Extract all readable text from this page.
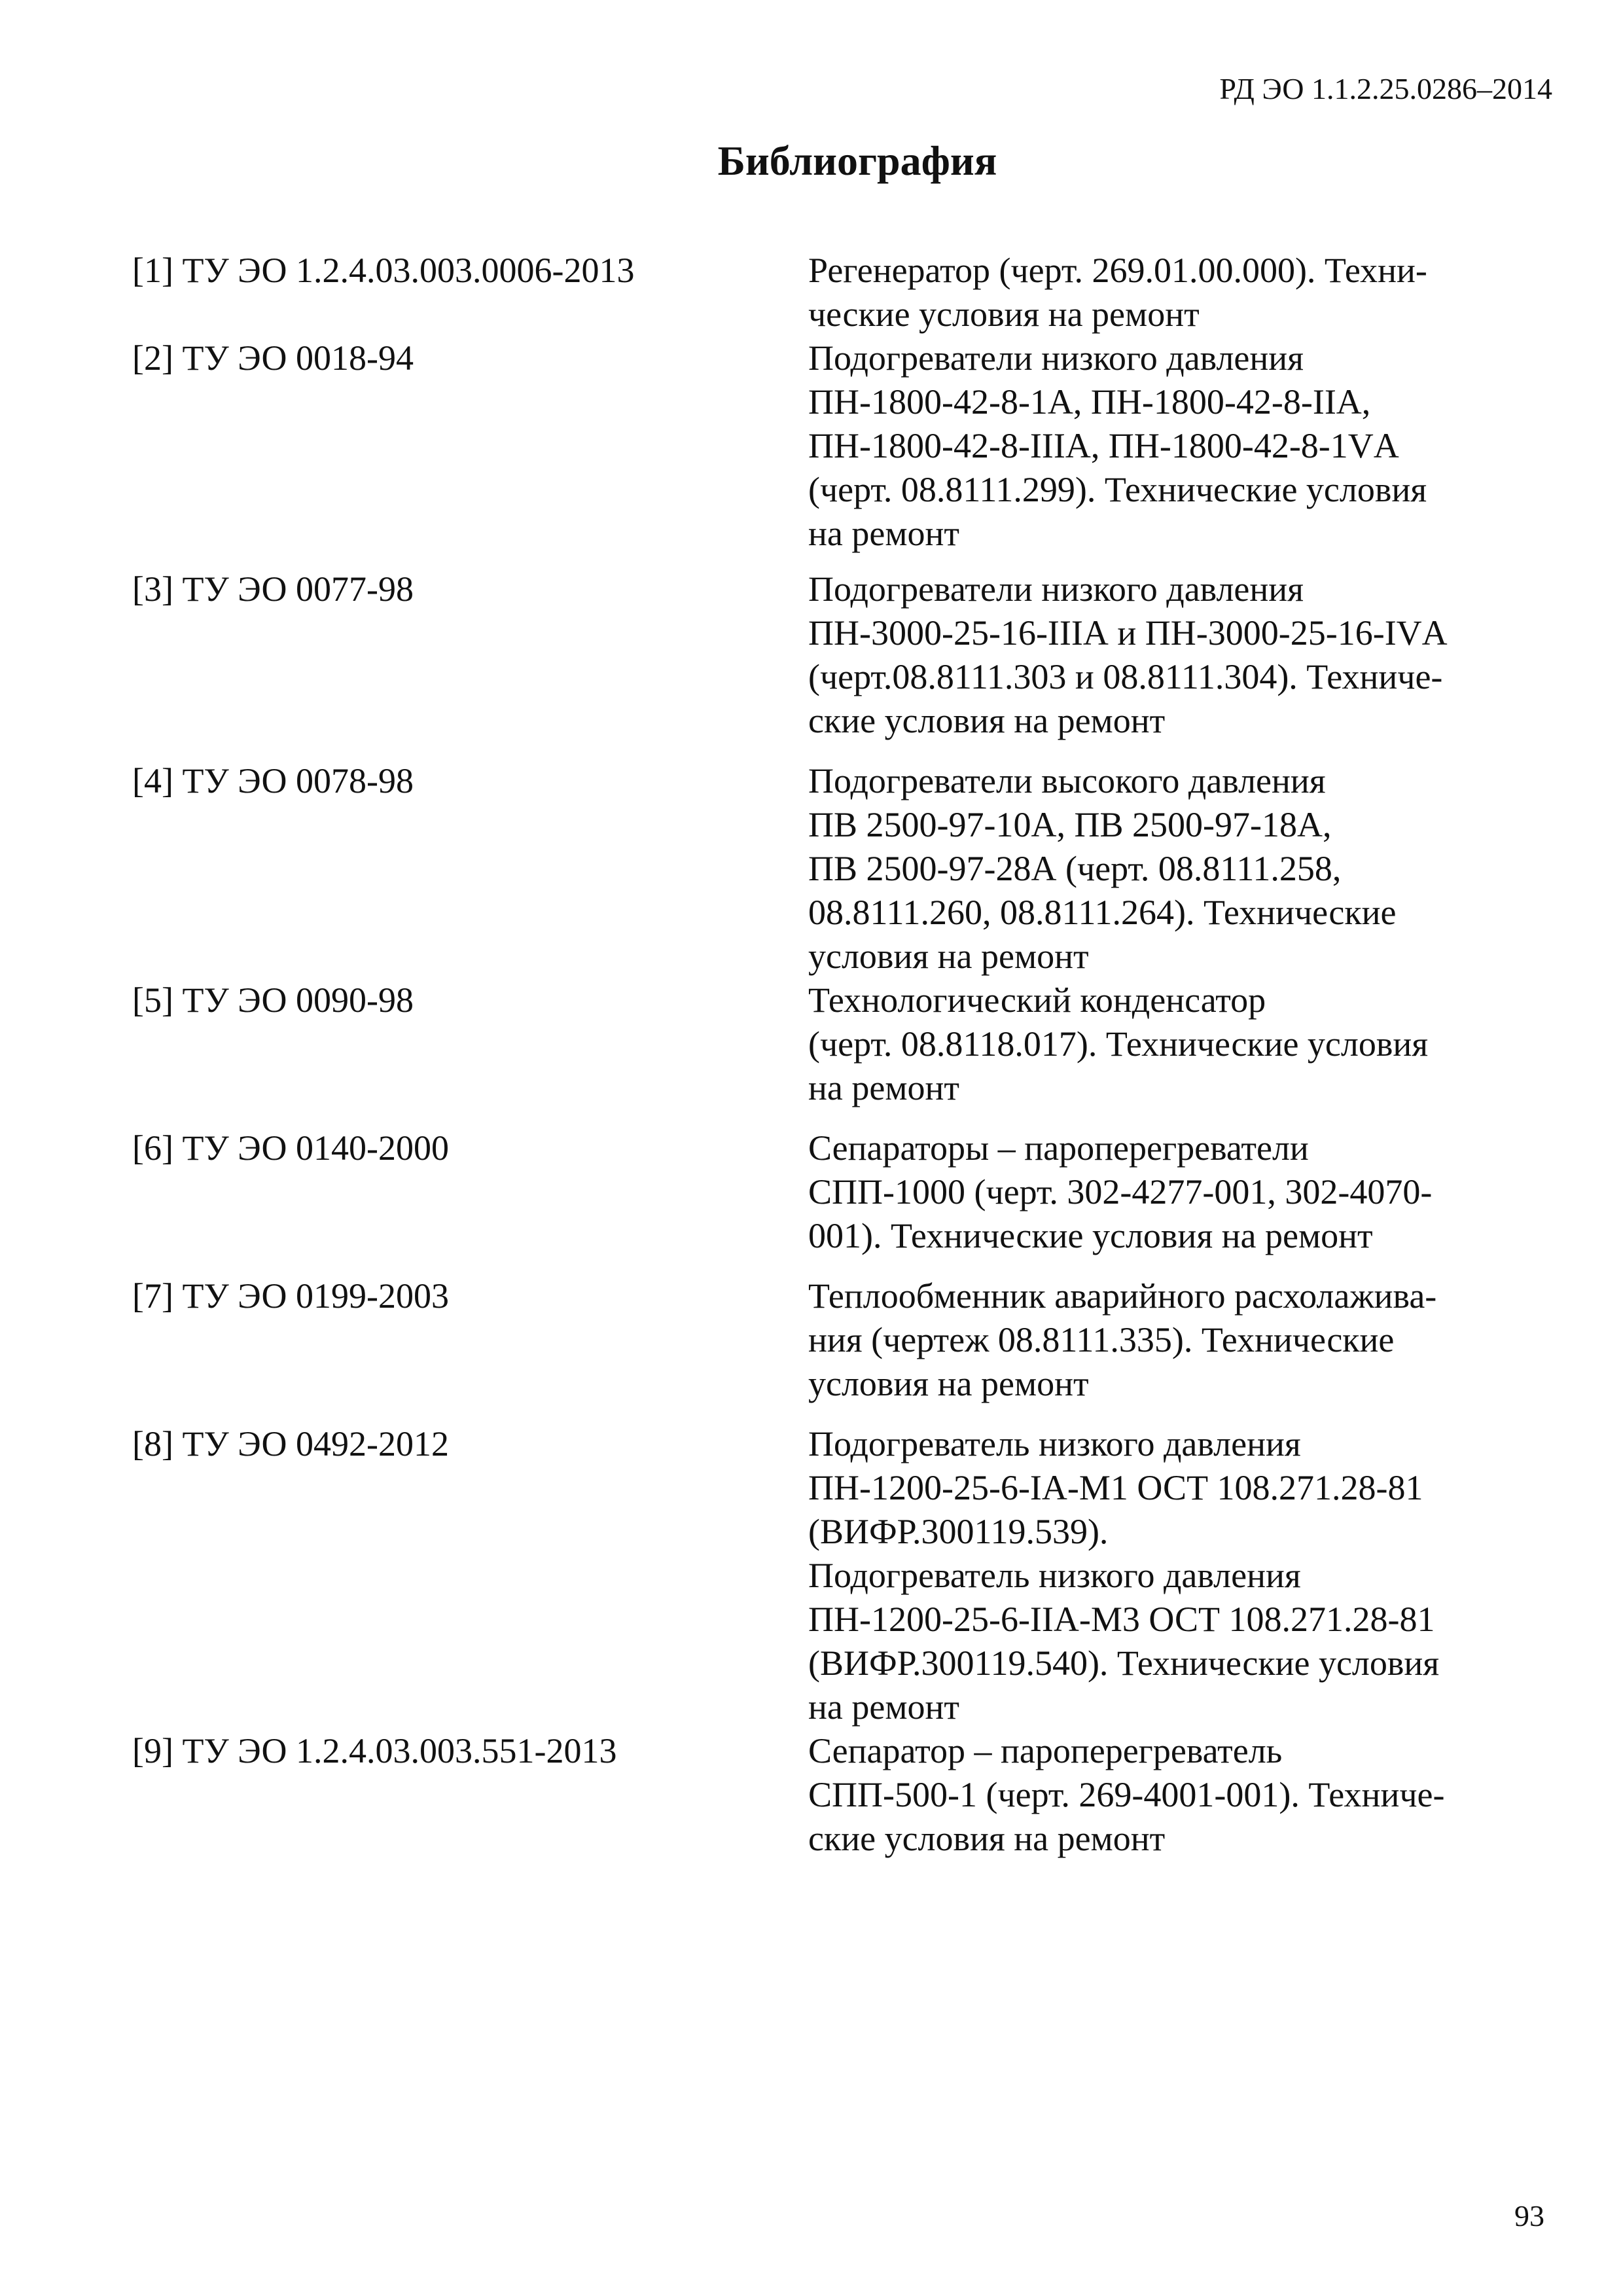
РД ЭО 1.1.2.25.0286–2014
Библиография
[1] ТУ ЭО 1.2.4.03.003.0006-2013	Регенератор (черт. 269.01.00.000). Техни-
ческие условия на ремонт
[2] ТУ ЭО 0018-94	Подогреватели низкого давления
ПН-1800-42-8-1А, ПН-1800-42-8-IIА,
ПН-1800-42-8-IIIА, ПН-1800-42-8-1VА
(черт. 08.8111.299). Технические условия
на ремонт
[3] ТУ ЭО 0077-98	Подогреватели низкого давления
ПН-3000-25-16-IIIА и ПН-3000-25-16-IVА
(черт.08.8111.303 и 08.8111.304). Техниче-
ские условия на ремонт
[4] ТУ ЭО 0078-98	Подогреватели высокого давления
ПВ 2500-97-10А, ПВ 2500-97-18А,
ПВ 2500-97-28А (черт. 08.8111.258,
08.8111.260, 08.8111.264). Технические
условия на ремонт
[5] ТУ ЭО 0090-98	Технологический конденсатор
(черт. 08.8118.017). Технические условия
на ремонт
[6] ТУ ЭО 0140-2000	Сепараторы – пароперегреватели
СПП-1000 (черт. 302-4277-001, 302-4070-
001). Технические условия на ремонт
[7] ТУ ЭО 0199-2003	Теплообменник аварийного расхолажива-
ния (чертеж 08.8111.335). Технические
условия на ремонт
[8] ТУ ЭО 0492-2012	Подогреватель низкого давления
ПН-1200-25-6-IА-М1 ОСТ 108.271.28-81
(ВИФР.300119.539).
Подогреватель низкого давления
ПН-1200-25-6-IIА-М3 ОСТ 108.271.28-81
(ВИФР.300119.540). Технические условия
на ремонт
[9] ТУ ЭО 1.2.4.03.003.551-2013	Сепаратор – пароперегреватель
СПП-500-1 (черт. 269-4001-001). Техниче-
ские условия на ремонт
93
